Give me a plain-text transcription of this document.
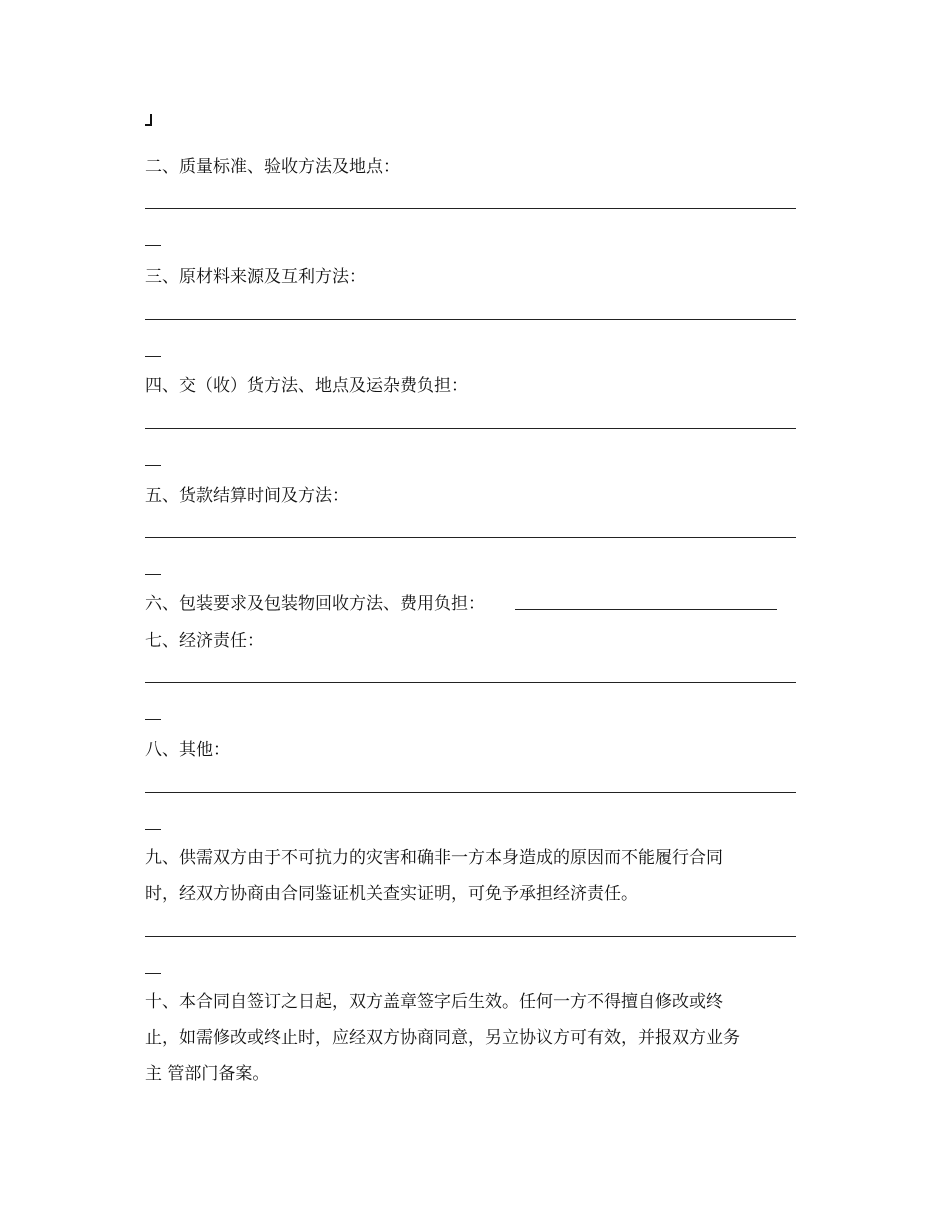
二、质量标准、验收方法及地点：
三、原材料来源及互利方法：
四、交（收）货方法、地点及运杂费负担：
五、货款结算时间及方法：
六、包装要求及包装物回收方法、费用负担：
七、经济责任：
八、其他：
九、供需双方由于不可抗力的灾害和确非一方本身造成的原因而不能履行合同
时，经双方协商由合同鉴证机关查实证明，可免予承担经济责任。
十、本合同自签订之日起，双方盖章签字后生效。任何一方不得擅自修改或终
止，如需修改或终止时，应经双方协商同意，另立协议方可有效，并报双方业务
主 管部门备案。
